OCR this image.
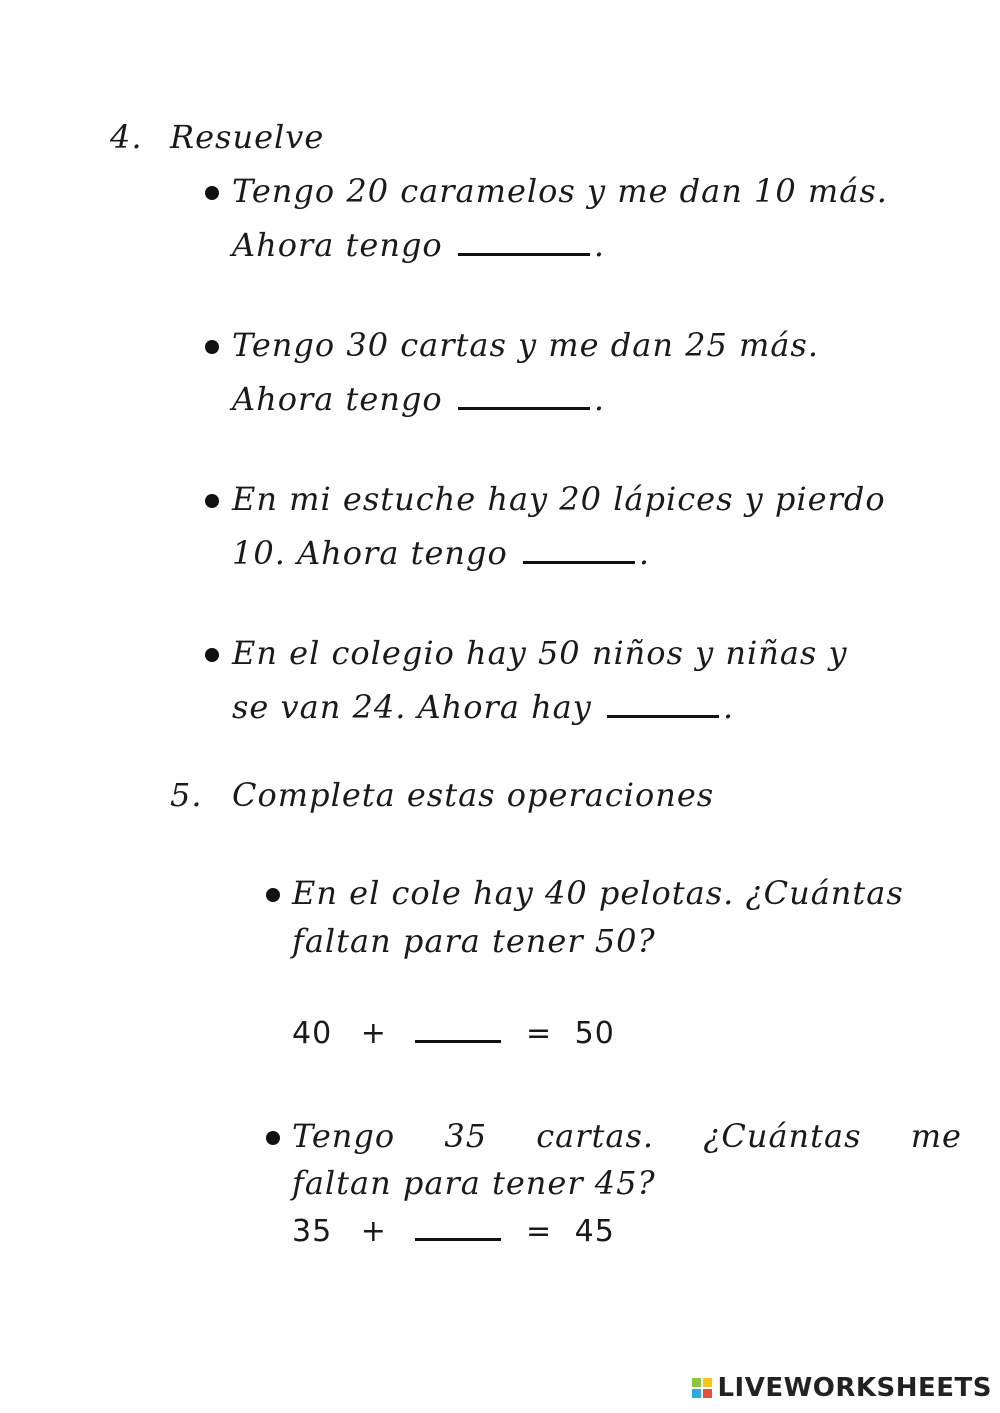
4. Resuelve
Tengo 20 caramelos y me dan 10 más.
Ahora tengo	.
Tengo 30 cartas y me dan 25 más.
Ahora tengo	.
En mi estuche hay 20 lápices y pierdo
10. Ahora tengo	.
En el colegio hay 50 niños y niñas y
se van 24. Ahora hay	.
5. Completa estas operaciones
En el cole hay 40 pelotas. ¿Cuántas
faltan para tener 50?
40 +	= 50
Tengo 35 cartas. ¿Cuántas me
faltan para tener 45?
35 +	= 45
LIVEWORKSHEETS
